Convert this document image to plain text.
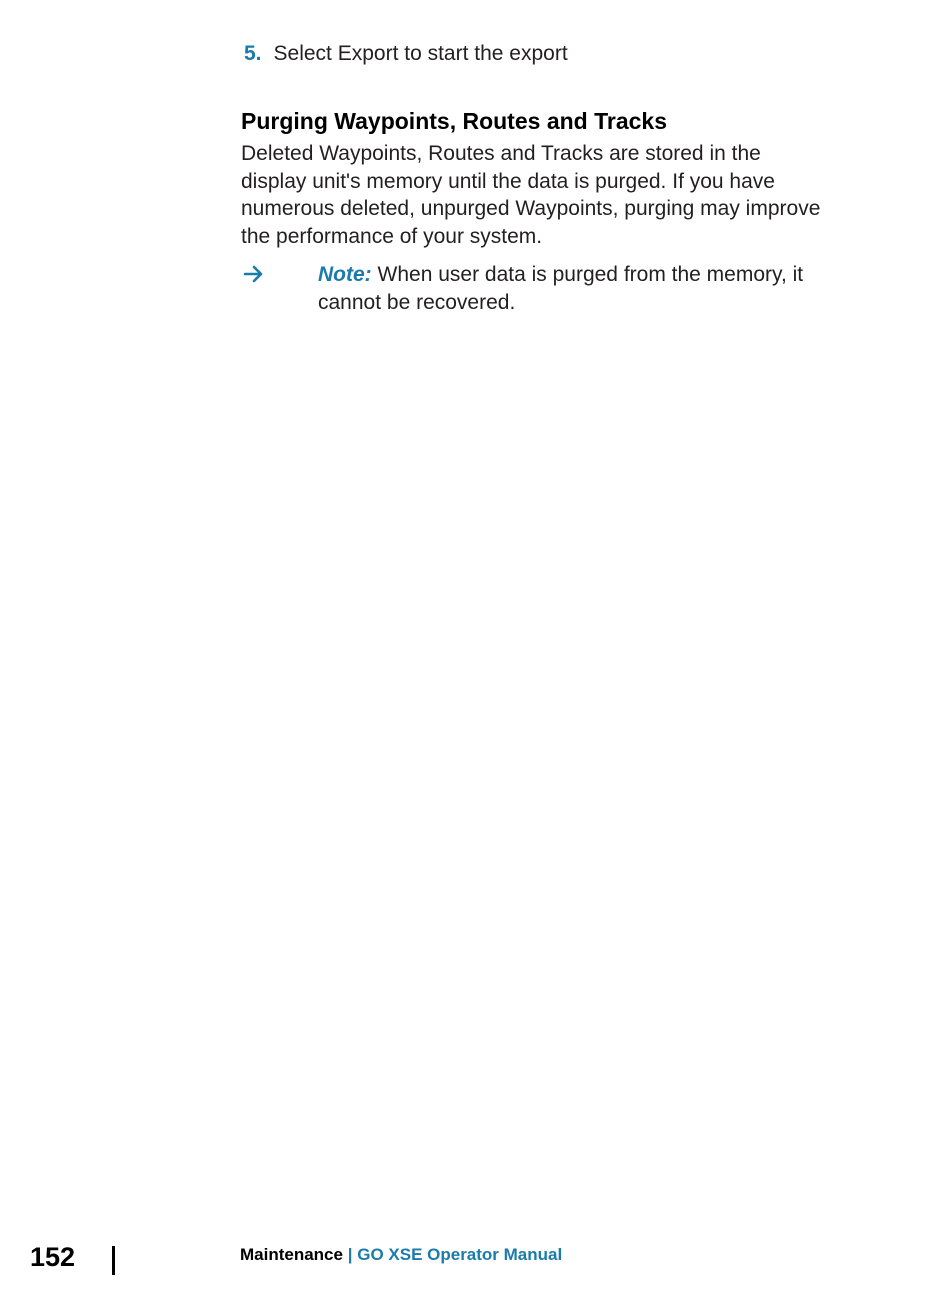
5. Select Export to start the export
Purging Waypoints, Routes and Tracks

Deleted Waypoints, Routes and Tracks are stored in the display unit's memory until the data is purged. If you have numerous deleted, unpurged Waypoints, purging may improve the performance of your system.

Note: When user data is purged from the memory, it cannot be recovered.

152	Maintenance | GO XSE Operator Manual
